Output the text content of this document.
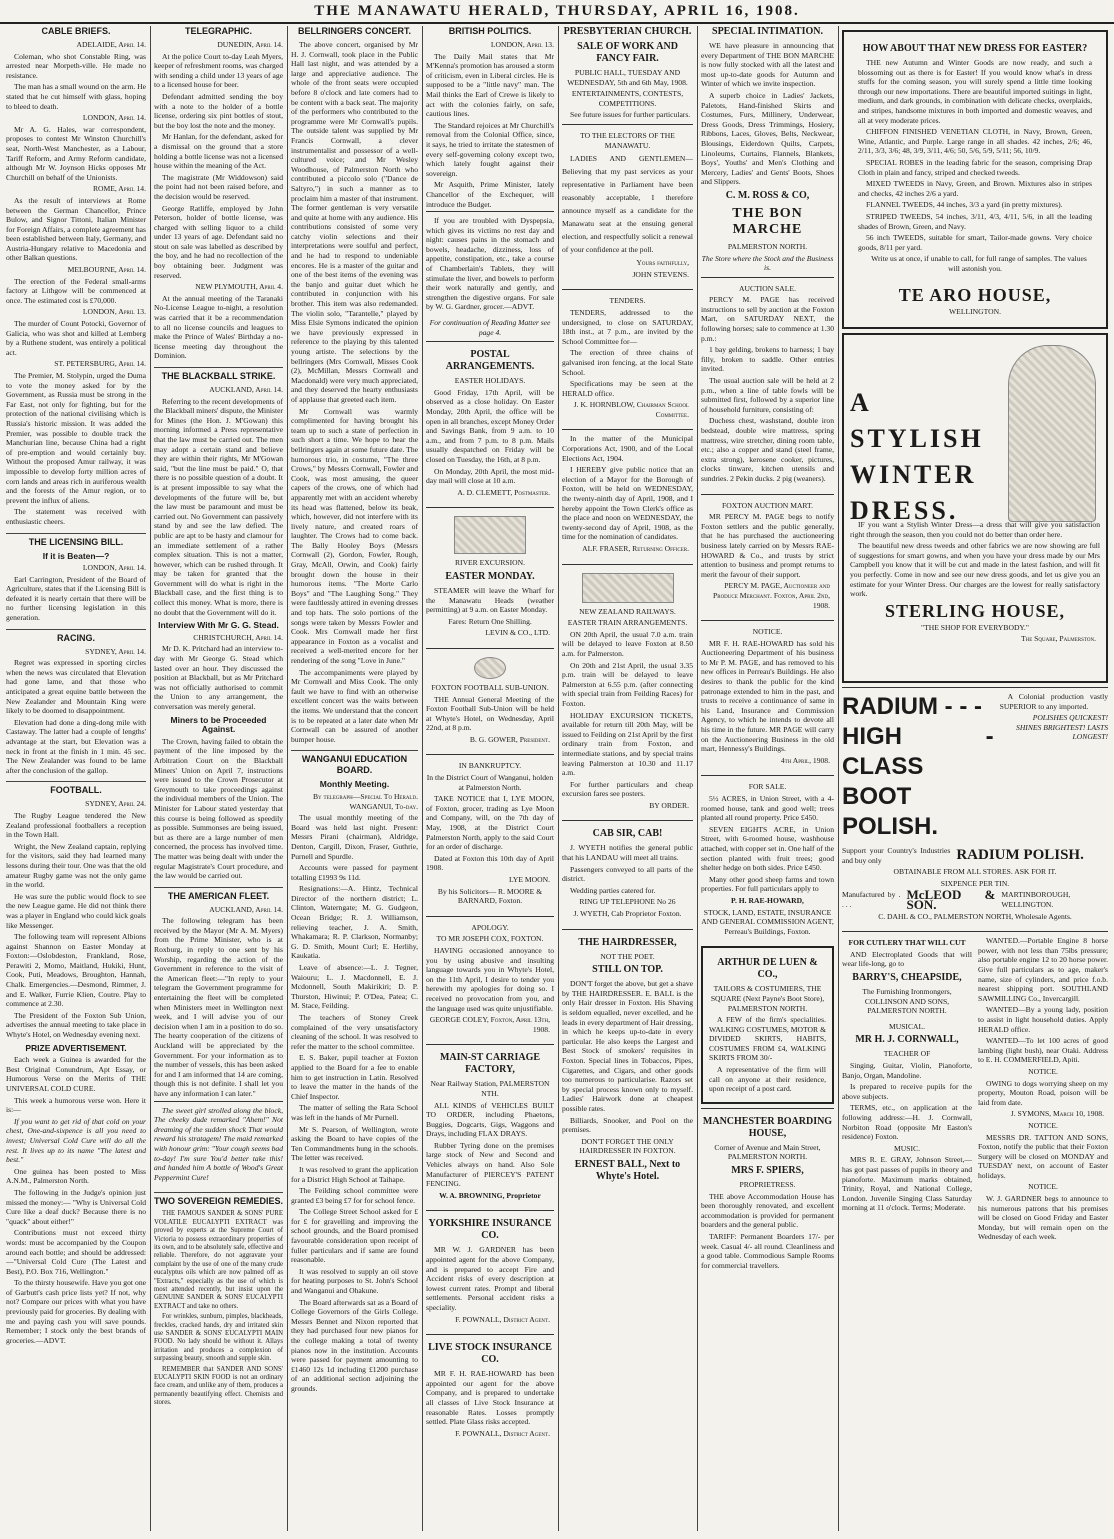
THE MANAWATU HERALD, THURSDAY, APRIL 16, 1908.
CABLE BRIEFS.
ADELAIDE, April 14.

Coleman, who shot Constable Ring, was arrested near Morpeth-ville. He made no resistance.

The man has a small wound on the arm. He stated that he cut himself with glass, hoping to bleed to death.

LONDON, April 14.

Mr A. G. Hales, war correspondent, proposes to contest Mr Winston Churchill's seat, North-West Manchester, as a Labour, Tariff Reform, and Army Reform candidate, although Mr W. Joynson Hicks opposes Mr Churchill on behalf of the Unionists.

ROME, April 14.

As the result of interviews at Rome between the German Chancellor, Prince Bulow, and Signor Tittoni, Italian Minister for Foreign Affairs, a complete agreement has been established between Italy, Germany, and Austria-Hungary relative to Macedonia and other Balkan questions.

MELBOURNE, April 14.

The erection of the Federal small-arms factory at Lithgow will be commenced at once. The estimated cost is £70,000.

LONDON, April 13.

The murder of Count Potocki, Governor of Galicia, who was shot and killed at Lemberg by a Ruthene student, was entirely a political act.

ST. PETERSBURG, April 14.

The Premier, M. Stolypin, urged the Duma to vote the money asked for by the Government, as Russia must be strong in the Far East, not only for fighting, but for the protection of the national civilising which is Russia's historic mission. It was added the Premier, was possible to double track the Manchurian line, because China had a right of pre-emption and would certainly buy. Without the proposed Amur railway, it was impossible to develop forty million acres of corn lands and areas rich in auriferous wealth and the forests of the Amur region, or to prevent the influx of aliens.

The statement was received with enthusiastic cheers.

THE LICENSING BILL.
If it is Beaten—?
LONDON, April 14.

Earl Carrington, President of the Board of Agriculture, states that if the Licensing Bill is defeated it is nearly certain that there will be no further licensing legislation in this generation.

RACING.
SYDNEY, April 14.

Regret was expressed in sporting circles when the news was circulated that Elevation had gone lame, and that those who anticipated a great equine battle between the New Zealander and Mountain King were likely to be doomed to disappointment.

Elevation had done a ding-dong mile with Castaway. The latter had a couple of lengths' advantage at the start, but Elevation was a neck in front at the finish in 1 min. 45 sec. The New Zealander was found to be lame after the conclusion of the gallop.

FOOTBALL.
SYDNEY, April 24.

The Rugby League tendered the New Zealand professional footballers a reception in the Town Hall.

Wright, the New Zealand captain, replying for the visitors, said they had learned many lessons during their tour. One was that the old amateur Rugby game was not the only game in the world.

He was sure the public would flock to see the new League game. He did not think there was a player in England who could kick goals like Messenger.

The following team will represent Albions against Shannon on Easter Monday at Foxton:—Oslobdeston, Frankland, Rose, Perawiti 2, Momo, Maitland, Hukiki, Hunt, Cook, Puti, Meadows, Broughton, Hannah, Chalk. Emergencies.—Desmond, Rimmer, J. and E. Walker, Furrie Klien, Coutre. Play to commence at 2.30.

The President of the Foxton Sub Union, advertises the annual meeting to take place in Whyte's Hotel, on Wednesday evening next.

PRIZE ADVERTISEMENT.

Each week a Guinea is awarded for the Best Original Conundrum, Apt Essay, or Humorous Verse on the Merits of THE UNIVERSAL COLD CURE.

This week a humorous verse won. Here it is:—

If you want to get rid of that cold on your chest, One-and-sixpence is all you need to invest; Universal Cold Cure will do all the rest. It lives up to its name "The latest and best."

One guinea has been posted to Miss A.N.M., Palmerston North.

The following in the Judge's opinion just missed the money:— "Why is Universal Cold Cure like a deaf duck? Because there is no "quack" about either!"

Contributions must not exceed thirty words: must be accompanied by the Coupon around each bottle; and should be addressed:—"Universal Cold Cure (The Latest and Best), P.O. Box 716, Wellington."

To the thirsty housewife. Have you got one of Garbutt's cash price lists yet? If not, why not? Compare our prices with what you have previously paid for groceries. By dealing with me and paying cash you will save pounds. Remember; I stock only the best brands of groceries.—ADVT.

TELEGRAPHIC.
DUNEDIN, April 14.

At the police Court to-day Leah Myers, keeper of refreshment rooms, was charged with sending a child under 13 years of age to a licensed house for beer.

Defendant admitted sending the boy with a note to the holder of a bottle license, ordering six pint bottles of stout, but the boy lost the note and the money.

Mr Hanlan, for the defendant, asked for a dismissal on the ground that a store holding a bottle license was not a licensed house within the meaning of the Act.

The magistrate (Mr Widdowson) said the point had not been raised before, and the decision would be reserved.

George Ratliffe, employed by John Peterson, holder of bottle license, was charged with selling liquor to a child under 13 years of age. Defendant said no stout on sale was labelled as described by the boy, and he had no recollection of the boy obtaining beer. Judgment was reserved.

NEW PLYMOUTH, April 4.

At the annual meeting of the Taranaki No-License League to-night, a resolution was carried that it be a recommendation to all no license councils and leagues to make the Prince of Wales' Birthday a no-license meeting day throughout the Dominion.

THE BLACKBALL STRIKE.
AUCKLAND, April 14.

Referring to the recent developments of the Blackball miners' dispute, the Minister for Mines (the Hon. J. M'Gowan) this morning informed a Press representative that the law must be carried out. The men may adopt a certain stand and believe they are within their rights, Mr M'Gowan said, "but the line must be paid." O, that there is no possible question of a doubt. It is at present impossible to say what the developments of the future will be, but the law must be paramount and must be carried out. No Government can passively stand by and see the law defied. The public are apt to be hasty and clamour for an immediate settlement of a rather complex situation. This is not a matter, however, which can be rushed through. It may be taken for granted that the Government will do what is right in the Blackball case, and the first thing is to collect this money. What is more, there is no doubt that the Government will do it.

Interview With Mr G. G. Stead.
CHRISTCHURCH, April 14.

Mr D. K. Pritchard had an interview to-day with Mr George G. Stead which lasted over an hour. They discussed the position at Blackball, but as Mr Pritchard was not officially authorised to commit the Union to any arrangement, the conversation was merely general.

Miners to be Proceeded Against.

The Crown, having failed to obtain the payment of the line imposed by the Arbitration Court on the Blackball Miners' Union on April 7, instructions were issued to the Crown Prosecutor at Greymouth to take proceedings against the individual members of the Union. The Minister for Labour stated yesterday that this course is being followed as speedily as possible. Summonses are being issued, but as there are a large number of men concerned, the process has involved time. The matter was being dealt with under the regular Magistrate's Court procedure, and the law would be carried out.

THE AMERICAN FLEET.
AUCKLAND, April 14.

The following telegram has been received by the Mayor (Mr A. M. Myers) from the Prime Minister, who is at Roxburg, in reply to one sent by his Worship, regarding the action of the Government in reference to the visit of the American fleet:—"In reply to your telegram the Government programme for entertaining the fleet will be completed when Ministers meet in Wellington next week, and I will advise you of our decision when I am in a position to do so. The hearty cooperation of the citizens of Auckland will be appreciated by the Government. For your information as to the number of vessels, this has been asked for and I am informed that 14 are coming, though this is not definite. I shall let you have any information I can later."

The sweet girl strolled along the block, The cheeky dude remarked "Ahem!" Not dreaming of the sudden shock That would reward his stratagem! The maid remarked with honour grim: "Your cough seems bad to-day! I'm sure You'd better take this! and handed him A bottle of Wood's Great Peppermint Cure!

TWO SOVEREIGN REMEDIES.

THE FAMOUS SANDER & SONS' PURE VOLATILE EUCALYPTI EXTRACT was proved by experts at the Supreme Court of Victoria to possess extraordinary properties of its own, and to be absolutely safe, effective and reliable. Therefore, do not aggravate your complaint by the use of one of the many crude eucalyptus oils which are now palmed off as "Extracts," especially as the use of which is most attended recently, but insist upon the GENUINE SANDER & SONS' EUCALYPTI EXTRACT and take no others.

For wrinkles, sunburn, pimples, blackheads, freckles, cracked hands, dry and irritated skin use SANDER & SONS' EUCALYPTI MAIN FOOD. No lady should be without it. Allays irritation and produces a complexion of surpassing beauty, smooth and supple skin.

REMEMBER that SANDER AND SONS' EUCALYPTI SKIN FOOD is not an ordinary face cream, and unlike any of them, produces a permanently beautifying effect. Chemists and stores.

BELLRINGERS CONCERT.

The above concert, organised by Mr H. J. Cornwall, took place in the Public Hall last night, and was attended by a large and appreciative audience. The whole of the front seats were occupied before 8 o'clock and late comers had to be content with a back seat. The majority of the performers who contributed to the programme were Mr Cornwall's pupils. The outside talent was supplied by Mr Francis Cornwall, a clever instrumentalist and possessor of a well-cultured voice; and Mr Wesley Woodhouse, of Palmerston North who contributed a piccolo solo ("Dance de Saltyro,") in such a manner as to proclaim him a master of that instrument. The former gentleman is very versatile and quite at home with any audience. His contributions consisted of some very catchy violin selections and their interpretations were soulful and perfect, and he had to respond to undeniable encores. He is a master of the guitar and one of the best items of the evening was the banjo and guitar duet which he contributed in conjunction with his brother. This item was also redemanded. The violin solo, "Tarantelle," played by Miss Elsie Symons indicated the opinion we have previously expressed in reference to the playing by this talented young artiste. The selections by the bellringers (Mrs Cornwall, Misses Cook (2), McMillan, Messrs Cornwall and Macdonald) were very much appreciated, and they deserved the hearty enthusiasts of applause that greeted each item.

Mr Cornwall was warmly complimented for having brought his team up to such a state of perfection in such short a time. We hope to hear the bellringers again at some future date. The humorous trio, in costume, "The three Crows," by Messrs Cornwall, Fowler and Cook, was most amusing, the queer capers of the crows, one of which had apparently met with an accident whereby its head was flattened, below its beak, which, however, did not interfere with its lively nature, and created roars of laughter. The Crows had to come back. The Bally Hooley Boys (Messrs Cornwall (2), Gordon, Fowler, Rough, Gray, McAll, Orwin, and Cook) fairly brought down the house in their humorous items. "The Morte Carlo Boys" and "The Laughing Song." They were faultlessly attired in evening dresses and top hats. The solo portions of the songs were taken by Messrs Fowler and Cook. Mrs Cornwall made her first appearance in Foxton as a vocalist and received a well-merited encore for her rendering of the song "Love in June."

The accompaniments were played by Mr Cornwall and Miss Cook. The only fault we have to find with an otherwise excellent concert was the waits between the items. We understand that the concert is to be repeated at a later date when Mr Cornwall can be assured of another bumper house.

WANGANUI EDUCATION BOARD.
Monthly Meeting.
By telegraph—Special To Herald. WANGANUI, To-day.

The usual monthly meeting of the Board was held last night. Present: Messrs Pirani (chairman), Aldridge, Denton, Cargill, Dixon, Fraser, Guthrie, Purnell and Spurdle.

Accounts were passed for payment totalling £1993 9s 11d.

Resignations:—A. Hintz, Technical Director of the northern district; L. Clinton, Waterngate; M. G. Gudgeon, Ocean Bridge; R. J. Williamson, relieving teacher, J. A. Smith, Whakamara; R. P. Clarkson, Normanby; G. D. Smith, Mount Curl; E. Herlihy, Kaukatia.

Leave of absence:—L. J. Tegner, Waiouru; L. J. Macdonnell, E. J. Mcdonnell, South Makirikiri; D. P. Thurston, Hiwinui; P. O'Dea, Patea; C. M. Stace, Feilding.

The teachers of Stoney Creek complained of the very unsatisfactory cleaning of the school. It was resolved to refer the matter to the school committee.

E. S. Baker, pupil teacher at Foxton applied to the Board for a fee to enable him to get instruction in Latin. Resolved to leave the matter in the hands of the Chief Inspector.

The matter of selling the Rata School was left in the hands of Mr Purnell.

Mr S. Pearson, of Wellington, wrote asking the Board to have copies of the Ten Commandments hung in the schools. The letter was received.

It was resolved to grant the application for a District High School at Taihape.

The Feilding school committee were granted £3 being £7 for for school fence.

The College Street School asked for £ for £ for gravelling and improving the school grounds, and the Board promised favourable consideration upon receipt of fuller particulars and if same are found reasonable.

It was resolved to supply an oil stove for heating purposes to St. John's School and Wanganui and Ohakune.

The Board afterwards sat as a Board of College Governors of the Girls College. Messrs Bennet and Nixon reported that they had purchased four new pianos for the college making a total of twenty pianos now in the institution. Accounts were passed for payment amounting to £1460 12s 1d including £1200 purchase of an additional section adjoining the grounds.

BRITISH POLITICS.
LONDON, April 13.

The Daily Mail states that Mr M'Kenna's promotion has aroused a storm of criticism, even in Liberal circles. He is supposed to be a "little navy" man. The Mail thinks the Earl of Crewe is likely to act with the colonies fairly, on safe, cautious lines.

The Standard rejoices at Mr Churchill's removal from the Colonial Office, since, it says, he tried to irritate the statesmen of every self-governing colony except two, which lately fought against their sovereign.

Mr Asquith, Prime Minister, lately Chancellor of the Exchequer, will introduce the Budget.

If you are troubled with Dyspepsia, which gives its victims no rest day and night: causes pains in the stomach and bowels, headache, dizziness, loss of appetite, constipation, etc., take a course of Chamberlain's Tablets, they will stimulate the liver, and bowels to perform their work naturally and gently, and strengthen the digestive organs. For sale by W. G. Gardner, grocer.—ADVT.

For continuation of Reading Matter see page 4.
POSTAL ARRANGEMENTS.
EASTER HOLIDAYS.

Good Friday, 17th April, will be observed as a close holiday. On Easter Monday, 20th April, the office will be open in all branches, except Money Order and Savings Bank, from 9 a.m. to 10 a.m., and from 7 p.m. to 8 p.m. Mails usually despatched on Friday will be closed on Tuesday, the 16th, at 8 p.m.

On Monday, 20th April, the most mid-day mail will close at 10 a.m.

A. D. CLEMETT, Postmaster.
RIVER EXCURSION.
EASTER MONDAY.

STEAMER will leave the Wharf for the Manawatu Heads (weather permitting) at 9 a.m. on Easter Monday.

Fares: Return One Shilling.
LEVIN & CO., LTD.
FOXTON FOOTBALL SUB-UNION.

THE Annual General Meeting of the Foxton Football Sub-Union will be held at Whyte's Hotel, on Wednesday, April 22nd, at 8 p.m.

B. G. GOWER, President.
IN BANKRUPTCY.
In the District Court of Wanganui, holden at Palmerston North.

TAKE NOTICE that I, LYE MOON, of Foxton, grocer, trading as Lye Moon and Company, will, on the 7th day of May, 1908, at the District Court Palmerston North, apply to the said Court for an order of discharge.

Dated at Foxton this 10th day of April 1908.

LYE MOON.
By his Solicitors— R. MOORE & BARNARD, Foxton.
APOLOGY.
TO MR JOSEPH COX, FOXTON.

HAVING occasioned annoyance to you by using abusive and insulting language towards you in Whyte's Hotel, on the 11th April, I desire to tender you herewith my apologies for doing so. I received no provocation from you, and the language used was quite unjustifiable.

GEORGE COLEY, Foxton, April 13th, 1908.
MAIN-ST CARRIAGE FACTORY,
Near Railway Station, PALMERSTON NTH.

ALL KINDS of VEHICLES BUILT TO ORDER, including Phaetons, Buggies, Dogcarts, Gigs, Waggons and Drays, including FLAX DRAYS.

Rubber Tyring done on the premises large stock of New and Second and Vehicles always on hand. Also Sole Manufacturer of PIERCEY'S PATENT FENCING.

W. A. BROWNING, Proprietor
YORKSHIRE INSURANCE CO.

MR W. J. GARDNER has been appointed agent for the above Company, and is prepared to accept Fire and Accident risks of every description at lowest current rates. Prompt and liberal settlements. Personal accident risks a speciality.

F. POWNALL, District Agent.
LIVE STOCK INSURANCE CO.

MR F. H. RAE-HOWARD has been appointed our agent for the above Company, and is prepared to undertake all classes of Live Stock Insurance at reasonable Rates. Losses promptly settled. Plate Glass risks accepted.

F. POWNALL, District Agent.
PRESBYTERIAN CHURCH.
SALE OF WORK AND FANCY FAIR.
PUBLIC HALL, TUESDAY AND WEDNESDAY, 5th and 6th May, 1908.
ENTERTAINMENTS, CONTESTS, COMPETITIONS.

See future issues for further particulars.

TO THE ELECTORS OF THE MANAWATU.

LADIES AND GENTLEMEN— Believing that my past services as your representative in Parliament have been reasonably acceptable, I therefore announce myself as a candidate for the Manawatu seat at the ensuing general election, and respectfully solicit a renewal of your confidence at the poll.

Yours faithfully,
JOHN STEVENS.
TENDERS.

TENDERS, addressed to the undersigned, to close on SATURDAY, 18th inst., at 7 p.m., are invited by the School Committee for—

The erection of three chains of galvanised iron fencing, at the local State School.

Specifications may be seen at the HERALD office.

J. K. HORNBLOW, Chairman School Committee.

In the matter of the Municipal Corporations Act, 1900, and of the Local Elections Act, 1904.

I HEREBY give public notice that an election of a Mayor for the Borough of Foxton, will be held on WEDNESDAY, the twenty-ninth day of April, 1908, and I hereby appoint the Town Clerk's office as the place and noon on WEDNESDAY, the twenty-second day of April, 1908, as the time for the nomination of candidates.

ALF. FRASER, Returning Officer.
NEW ZEALAND RAILWAYS.
EASTER TRAIN ARRANGEMENTS.

ON 20th April, the usual 7.0 a.m. train will be delayed to leave Foxton at 8.50 a.m. for Palmerston.

On 20th and 21st April, the usual 3.35 p.m. train will be delayed to leave Palmerston at 6.55 p.m. (after connecting with special train from Feilding Races) for Foxton.

HOLIDAY EXCURSION TICKETS, available for return till 20th May, will be issued to Feilding on 21st April by the first ordinary train from Foxton, and intermediate stations, and by special trains leaving Palmerston at 10.30 and 11.17 a.m.

For further particulars and cheap excursion fares see posters.

BY ORDER.
CAB SIR, CAB!

J. WYETH notifies the general public that his LANDAU will meet all trains.

Passengers conveyed to all parts of the district.

Wedding parties catered for.

RING UP TELEPHONE No 26
J. WYETH, Cab Proprietor Foxton.
THE HAIRDRESSER,
NOT THE POET.
STILL ON TOP.

DON'T forget the above, but get a shave by THE HAIRDRESSER. E. BALL is the only Hair dresser in Foxton. His Shaving is seldom equalled, never excelled, and he leads in every department of Hair dressing, in which he keeps up-to-date in every particular. He also keeps the Largest and Best Stock of smokers' requisites in Foxton. Special lines in Tobaccos, Pipes, Cigarettes, and Cigars, and other goods too numerous to particularise. Razors set by special process known only to myself. Ladies' Hairwork done at cheapest possible rates.

Billiards, Snooker, and Pool on the premises.

DON'T FORGET THE ONLY HAIRDRESSER IN FOXTON.
ERNEST BALL, Next to Whyte's Hotel.
SPECIAL INTIMATION.

WE have pleasure in announcing that every Department of THE BON MARCHE is now fully stocked with all the latest and most up-to-date goods for Autumn and Winter of which we invite inspection.

A superb choice in Ladies' Jackets, Paletots, Hand-finished Skirts and Costumes, Furs, Millinery, Underwear, Dress Goods, Dress Trimmings, Hosiery, Ribbons, Laces, Gloves, Belts, Neckwear, Blousings, Eiderdown Quilts, Carpets, Linoleums, Curtains, Flannels, Blankets, Boys', Youths' and Men's Clothing and Mercery, Ladies' and Gents' Boots, Shoes and Slippers.

C. M. ROSS & CO,
THE BON MARCHE
PALMERSTON NORTH.
The Store where the Stock and the Business is.
AUCTION SALE.

PERCY M. PAGE has received instructions to sell by auction at the Foxton Mart, on SATURDAY NEXT, the following horses; sale to commence at 1.30 p.m.:

1 bay gelding, brokens to harness; 1 bay filly, broken to saddle. Other entries invited.

The usual auction sale will be held at 2 p.m., when a line of table fowls will be submitted first, followed by a superior line of household furniture, consisting of:

Duchess chest, washstand, double iron bedstead, double wire mattress, spring mattress, wire stretcher, dining room table, etc.; also a copper and stand (steel frame, extra strong), kerosene cooker, pictures, clocks tinware, kitchen utensils and sundries. 2 Pekin ducks. 2 pig (weaners).

FOXTON AUCTION MART.

MR PERCY M. PAGE begs to notify Foxton settlers and the public generally, that he has purchased the auctioneering business lately carried on by Messrs RAE-HOWARD & Co., and trusts by strict attention to business and prompt returns to merit the favour of their support.

PERCY M. PAGE, Auctioneer and Produce Merchant. Foxton, April 2nd, 1908.
NOTICE.

MR F. H. RAE-HOWARD has sold his Auctioneering Department of his business to Mr P. M. PAGE, and has removed to his new offices in Perreau's Buildings. He also desires to thank the public for the kind patronage extended to him in the past, and trusts to receive a continuance of same in his Land, Insurance and Commission Agency, to which he intends to devote all his time in the future. MR PAGE will carry on the Auctioneering Business in the old mart, Hennessy's Buildings.

4th April, 1908.
FOR SALE.

5½ ACRES, in Union Street, with a 4-roomed house, tank and good well; trees planted all round property. Price £450.

SEVEN EIGHTS ACRE, in Union Street, with 6-roomed house, washhouse attached, with copper set in. One half of the section planted with fruit trees; good shelter hedge on both sides. Price £450.

Many other good sheep farms and town properties. For full particulars apply to

P. H. RAE-HOWARD,
STOCK, LAND, ESTATE, INSURANCE AND GENERAL COMMISSION AGENT, Perreau's Buildings, Foxton.
ARTHUR DE LUEN & CO.,
TAILORS & COSTUMIERS, THE SQUARE (Next Payne's Boot Store), PALMERSTON NORTH.

A FEW of the firm's specialities. WALKING COSTUMES, MOTOR & DIVIDED SKIRTS, HABITS, COSTUMES FROM £4, WALKING SKIRTS FROM 30/-

A representative of the firm will call on anyone at their residence, upon receipt of a post card.

MANCHESTER BOARDING HOUSE,
Corner of Avenue and Main Street, PALMERSTON NORTH.
MRS F. SPIERS,
PROPRIETRESS.

THE above Accommodation House has been thoroughly renovated, and excellent accommodation is provided for permanent boarders and the general public.

TARIFF: Permanent Boarders 17/- per week. Casual 4/- all round. Cleanliness and a good table. Commodious Sample Rooms for commercial travellers.

HOW ABOUT THAT NEW DRESS FOR EASTER?

THE new Autumn and Winter Goods are now ready, and such a blossoming out as there is for Easter! If you would know what's in dress stuffs for the coming season, you will surely spend a little time looking through our new importations. There are beautiful imported suitings in light, medium, and dark grounds, in combination with delicate checks, overplaids, and stripes, handsome mixtures in both imported and domestic weaves, and all at very moderate prices.

CHIFFON FINISHED VENETIAN CLOTH, in Navy, Brown, Green, Wine, Atlantic, and Purple. Large range in all shades. 42 inches, 2/6; 46, 2/11, 3/3, 3/6; 48, 3/9, 3/11, 4/6; 50, 5/6, 5/9, 5/11; 56, 10/9.

SPECIAL ROBES in the leading fabric for the season, comprising Drap Cloth in plain and fancy, striped and checked tweeds.

MIXED TWEEDS in Navy, Green, and Brown. Mixtures also in stripes and checks, 42 inches 2/6 a yard.

FLANNEL TWEEDS, 44 inches, 3/3 a yard (in pretty mixtures).

STRIPED TWEEDS, 54 inches, 3/11, 4/3, 4/11, 5/6, in all the leading shades of Brown, Green, and Navy.

56 inch TWEEDS, suitable for smart, Tailor-made gowns. Very choice goods, 8/11 per yard.

Write us at once, if unable to call, for full range of samples. The values will astonish you.

TE ARO HOUSE,
WELLINGTON.
A STYLISH
WINTER
DRESS.

IF you want a Stylish Winter Dress—a dress that will give you satisfaction right through the season, then you could not do better than order here.

The beautiful new dress tweeds and other fabrics we are now showing are full of suggestions for smart gowns, and when you have your dress made by our Mrs Campbell you know that it will be cut and made in the latest fashion, and will fit you perfectly. Come in now and see our new dress goods, and let us give you an estimate for your Winter Dress. Our charges are the lowest for really satisfactory work.

STERLING HOUSE,
"THE SHOP FOR EVERYBODY."
The Square, Palmerston.
RADIUM - - -
HIGH - CLASS
BOOT POLISH.

A Colonial production vastly SUPERIOR to any imported.

POLISHES QUICKEST! SHINES BRIGHTEST! LASTS LONGEST!

Support your Country's Industries and buy only	RADIUM POLISH.
OBTAINABLE FROM ALL STORES. ASK FOR IT.
SIXPENCE PER TIN.
Manufactured by . . . .
McLEOD & SON.
MARTINBOROUGH, WELLINGTON.
C. DAHL & CO., PALMERSTON NORTH, Wholesale Agents.
FOR CUTLERY THAT WILL CUT

AND Electroplated Goods that will wear life-long, go to

BARRY'S, CHEAPSIDE,
The Furnishing Ironmongers, COLLINSON AND SONS, PALMERSTON NORTH.
MUSICAL.
MR H. J. CORNWALL,
TEACHER OF

Singing, Guitar, Violin, Pianoforte, Banjo, Organ, Mandoline.

Is prepared to receive pupils for the above subjects.

TERMS, etc., on application at the following address:—H. J. Cornwall, Norbiton Road (opposite Mr Easton's residence) Foxton.

MUSIC.

MRS R. E. GRAY, Johnson Street,—has got past passes of pupils in theory and pianoforte. Maximum marks obtained, Trinity, Royal, and National College, London. Juvenile Singing Class Saturday morning at 11 o'clock. Terms; Moderate.

WANTED.—Portable Engine 8 horse power, with not less than 75lbs pressure; also portable engine 12 to 20 horse power. Give full particulars as to age, maker's name, size of cylinders, and price f.o.b. nearest shipping port. SOUTHLAND SAWMILLING Co., Invercargill.

WANTED—By a young lady, position to assist in light household duties. Apply HERALD office.

WANTED—To let 100 acres of good lambing (light bush), near Otaki. Address to E. H. COMMERFIELD, Apiti.

NOTICE.

OWING to dogs worrying sheep on my property, Mouton Road, poison will be laid from date.

J. SYMONS, March 10, 1908.
NOTICE.

MESSRS DR. TATTON AND SONS, Foxton, notify the public that their Foxton Surgery will be closed on MONDAY and TUESDAY next, on account of Easter holidays.

NOTICE.

W. J. GARDNER begs to announce to his numerous patrons that his premises will be closed on Good Friday and Easter Monday, but will remain open on the Wednesday of each week.
